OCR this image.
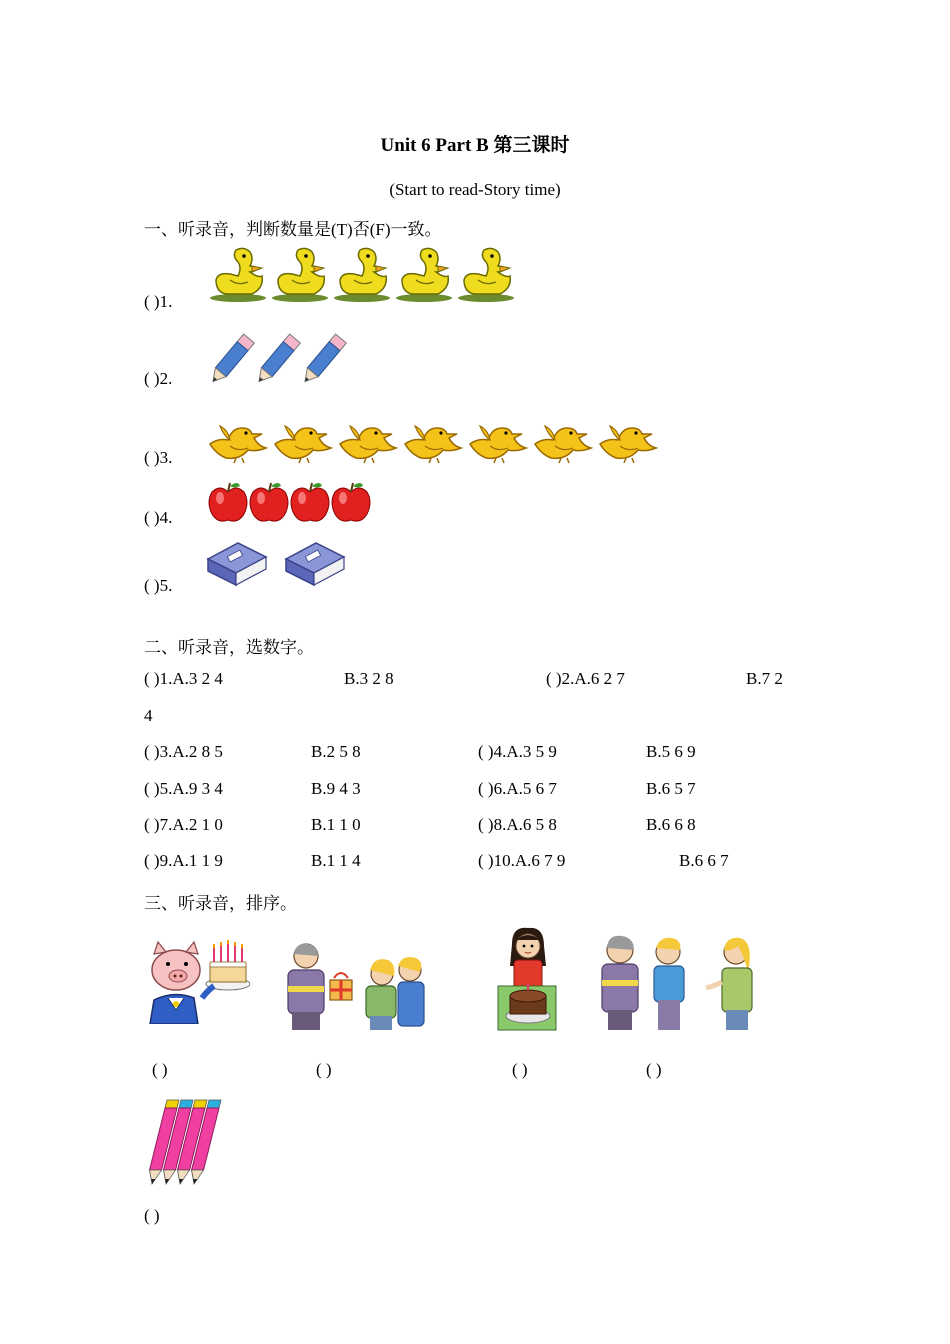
Unit 6 Part B 第三课时
(Start to read-Story time)
一、听录音，判断数量是(T)否(F)一致。
( )1.
( )2.
( )3.
( )4.
( )5.
二、听录音，选数字。
( )1.A.3 2 4	B.3 2 8	( )2.A.6 2 7	B.7 2
4
( )3.A.2 8 5	B.2 5 8	( )4.A.3 5 9	B.5 6 9
( )5.A.9 3 4	B.9 4 3	( )6.A.5 6 7	B.6 5 7
( )7.A.2 1 0	B.1 1 0	( )8.A.6 5 8	B.6 6 8
( )9.A.1 1 9	B.1 1 4	( )10.A.6 7 9	B.6 6 7
三、听录音，排序。
( )	( )	( )	( )
( )
